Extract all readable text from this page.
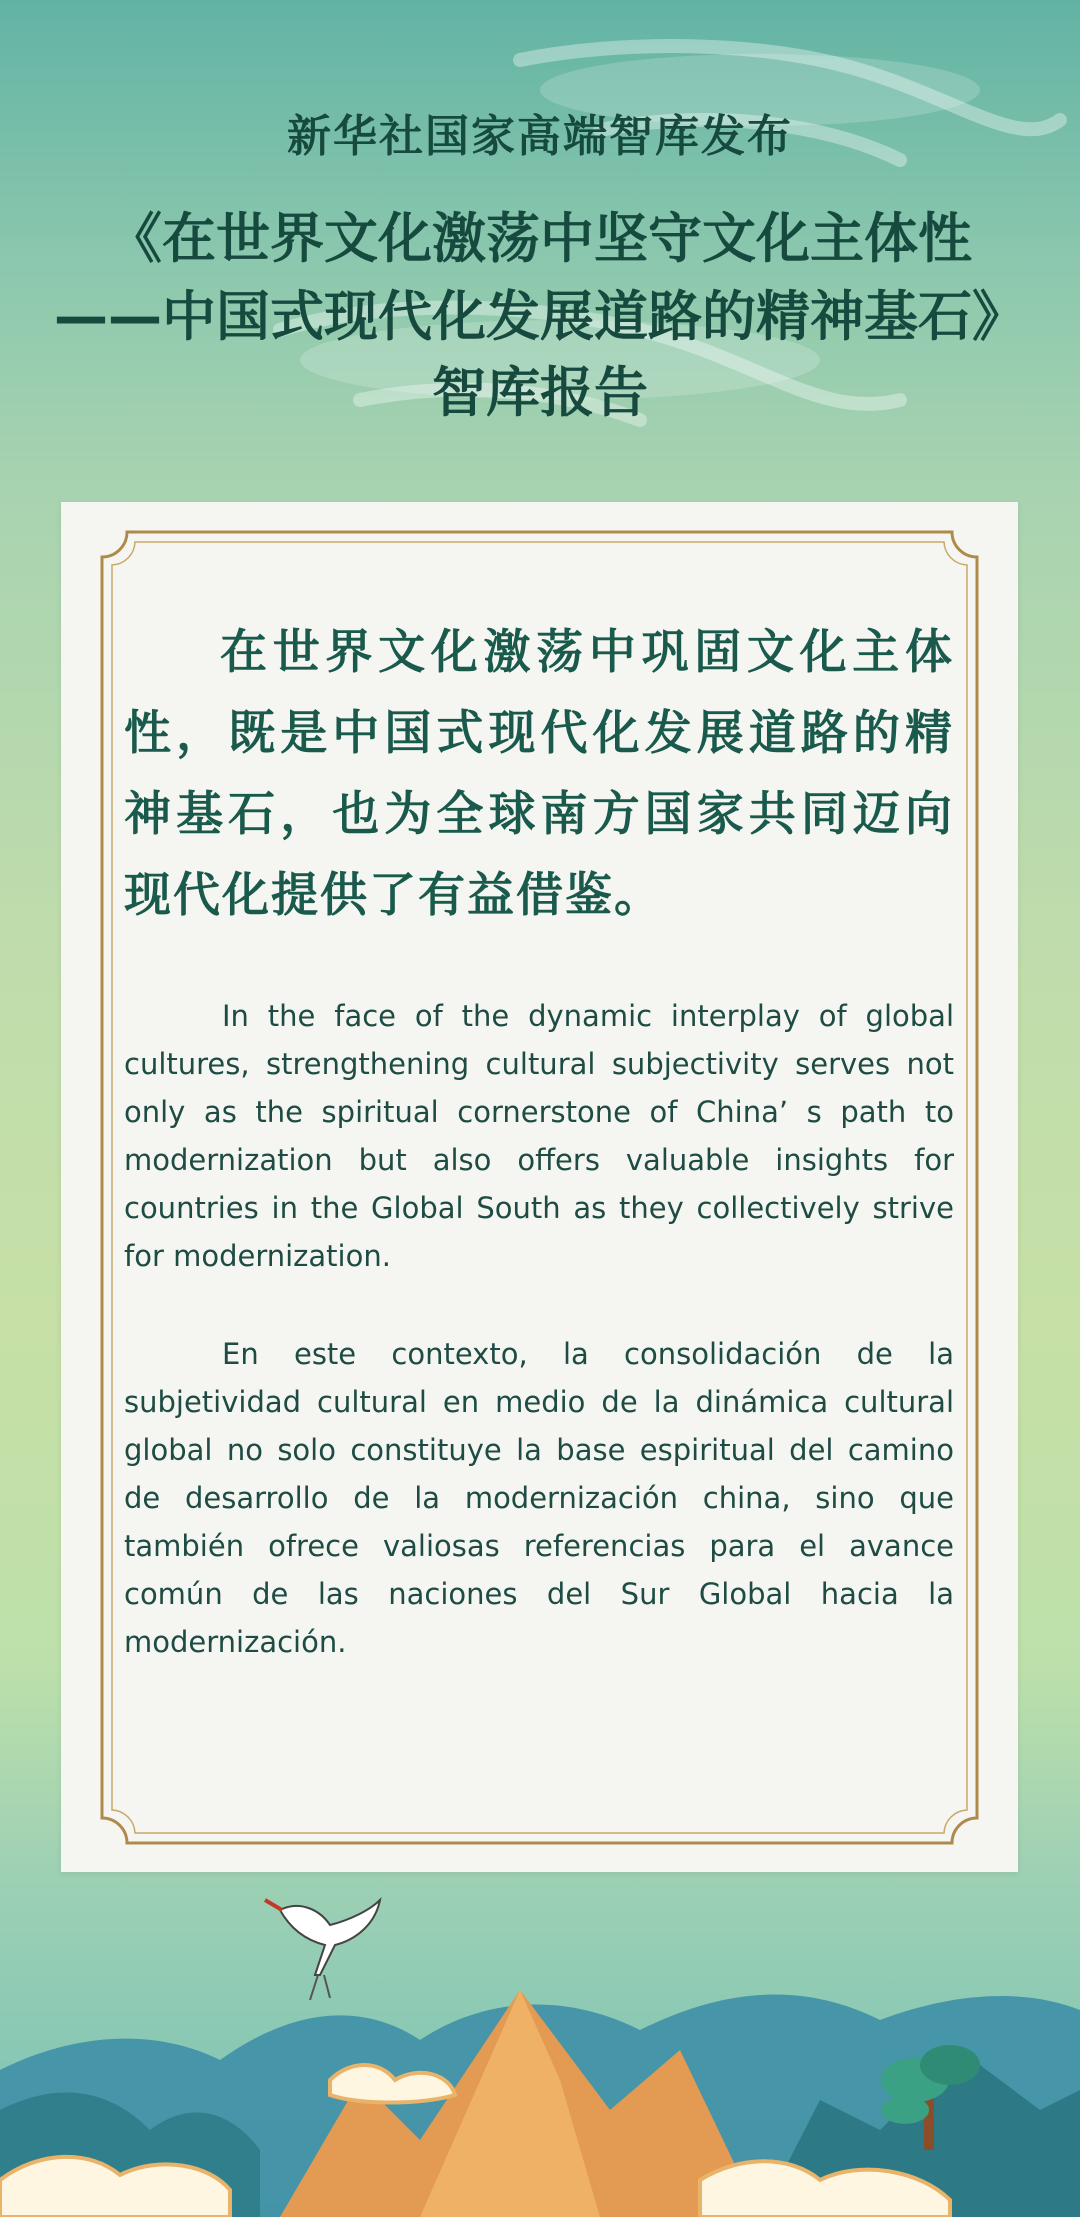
新华社国家高端智库发布
《在世界文化激荡中坚守文化主体性
——中国式现代化发展道路的精神基石》
智库报告

在世界文化激荡中巩固文化主体性，既是中国式现代化发展道路的精神基石，也为全球南方国家共同迈向现代化提供了有益借鉴。

In the face of the dynamic interplay of global cultures, strengthening cultural subjectivity serves not only as the spiritual cornerstone of China’ s path to modernization but also offers valuable insights for countries in the Global South as they collectively strive for modernization.

En este contexto, la consolidación de la subjetividad cultural en medio de la dinámica cultural global no solo constituye la base espiritual del camino de desarrollo de la modernización china, sino que también ofrece valiosas referencias para el avance común de las naciones del Sur Global hacia la modernización.
